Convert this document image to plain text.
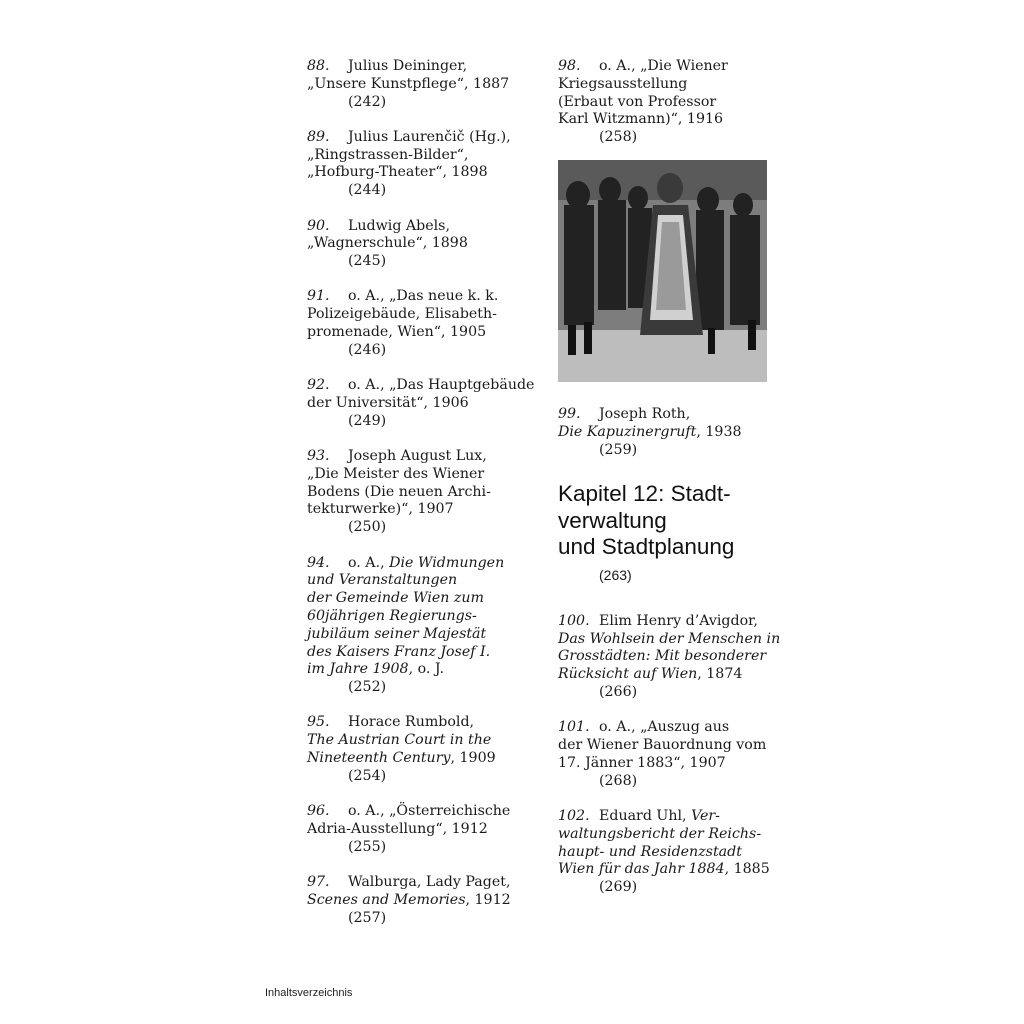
88. Julius Deininger,
„Unsere Kunstpflege“, 1887
(242)
89. Julius Laurenčič (Hg.),
„Ringstrassen-Bilder“,
„Hofburg-Theater“, 1898
(244)
90. Ludwig Abels,
„Wagnerschule“, 1898
(245)
91. o. A., „Das neue k. k.
Polizeigebäude, Elisabeth-
promenade, Wien“, 1905
(246)
92. o. A., „Das Hauptgebäude
der Universität“, 1906
(249)
93. Joseph August Lux,
„Die Meister des Wiener
Bodens (Die neuen Archi-
tekturwerke)“, 1907
(250)
94. o. A., Die Widmungen
und Veranstaltungen
der Gemeinde Wien zum
60jährigen Regierungs-
jubiläum seiner Majestät
des Kaisers Franz Josef I.
im Jahre 1908, o. J.
(252)
95. Horace Rumbold,
The Austrian Court in the
Nineteenth Century, 1909
(254)
96. o. A., „Österreichische
Adria-Ausstellung“, 1912
(255)
97. Walburga, Lady Paget,
Scenes and Memories, 1912
(257)
98. o. A., „Die Wiener
Kriegsausstellung
(Erbaut von Professor
Karl Witzmann)“, 1916
(258)
99. Joseph Roth,
Die Kapuzinergruft, 1938
(259)
Kapitel 12: Stadt-
verwaltung
und Stadtplanung
(263)
100. Elim Henry d’Avigdor,
Das Wohlsein der Menschen in
Grosstädten: Mit besonderer
Rücksicht auf Wien, 1874
(266)
101. o. A., „Auszug aus
der Wiener Bauordnung vom
17. Jänner 1883“, 1907
(268)
102. Eduard Uhl, Ver-
waltungsbericht der Reichs-
haupt- und Residenzstadt
Wien für das Jahr 1884, 1885
(269)
Inhaltsverzeichnis
